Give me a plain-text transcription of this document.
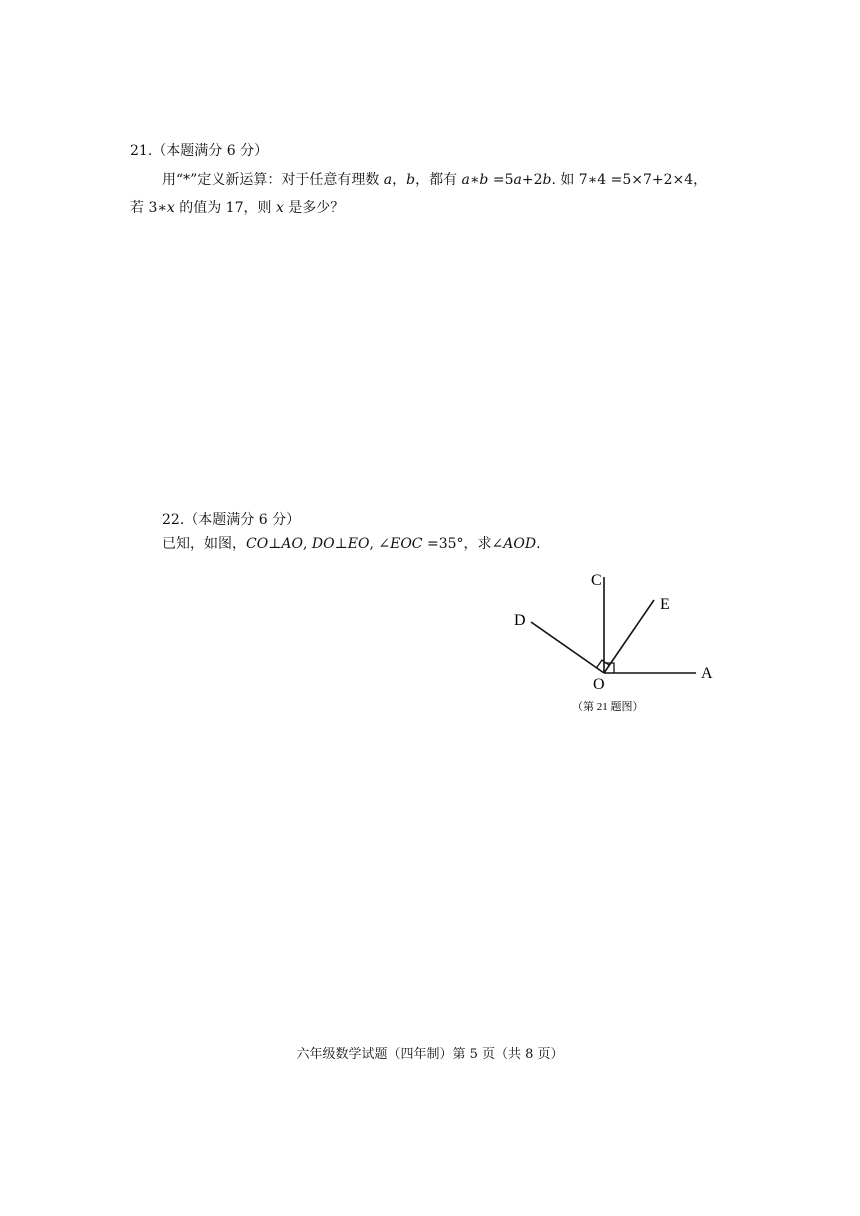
21.（本题满分 6 分）
用“*”定义新运算：对于任意有理数 a，b，都有 a∗b =5a+2b. 如 7∗4 =5×7+2×4，
若 3∗x 的值为 17，则 x 是多少？
22.（本题满分 6 分）
已知，如图，CO⊥AO, DO⊥EO, ∠EOC =35°，求∠AOD.
C
E
D
O
A
（第 21 题图）
六年级数学试题（四年制）第 5 页（共 8 页）
